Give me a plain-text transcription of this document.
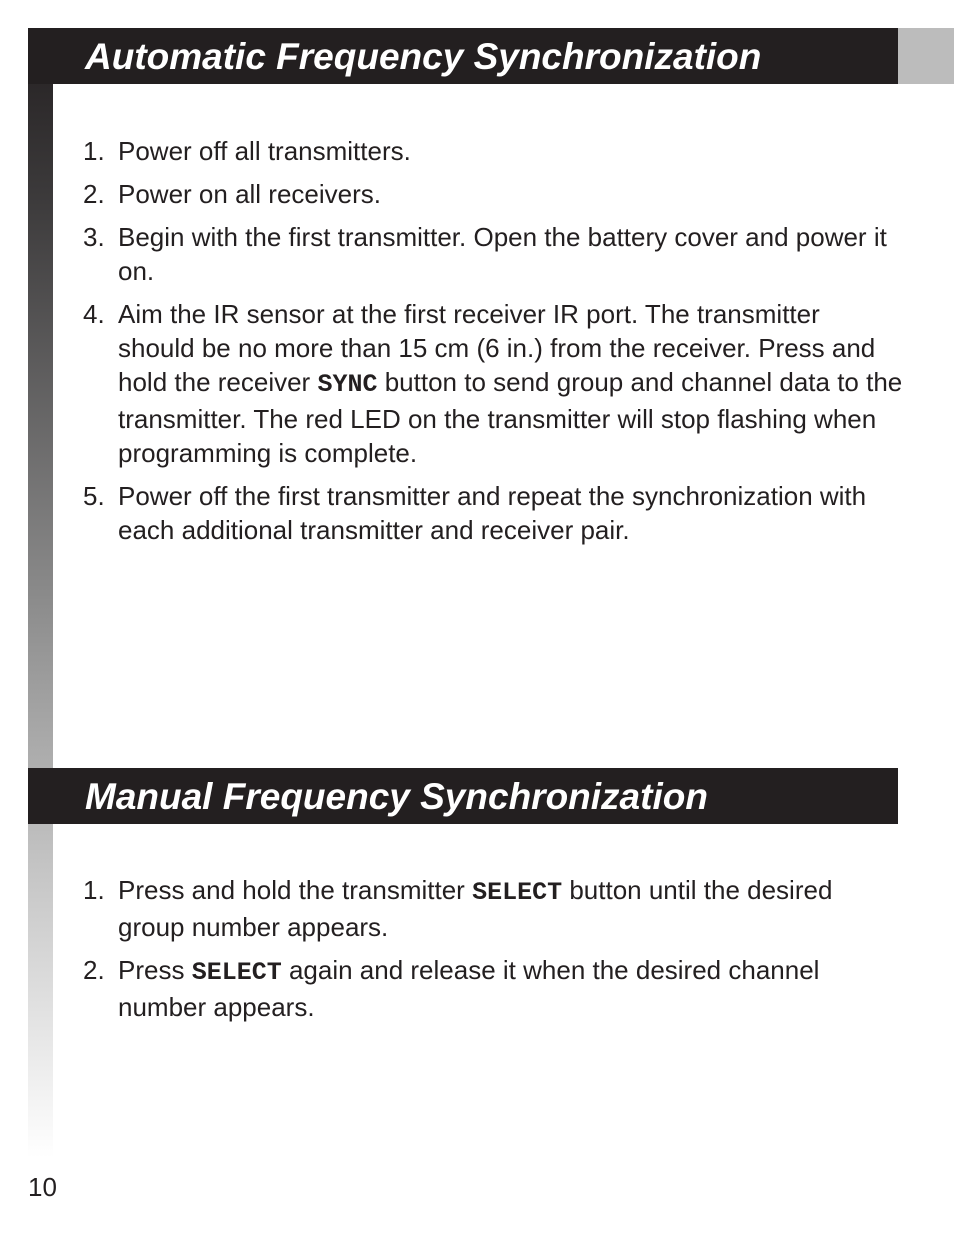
Automatic Frequency Synchronization
1. Power off all transmitters.
2. Power on all receivers.
3. Begin with the first transmitter. Open the battery cover and power it on.
4. Aim the IR sensor at the first receiver IR port. The transmitter should be no more than 15 cm (6 in.) from the receiver. Press and hold the receiver SYNC button to send group and channel data to the transmitter. The red LED on the transmitter will stop flashing when programming is complete.
5. Power off the first transmitter and repeat the synchronization with each additional transmitter and receiver pair.
Manual Frequency Synchronization
1. Press and hold the transmitter SELECT button until the desired group number appears.
2. Press SELECT again and release it when the desired channel number appears.
10
